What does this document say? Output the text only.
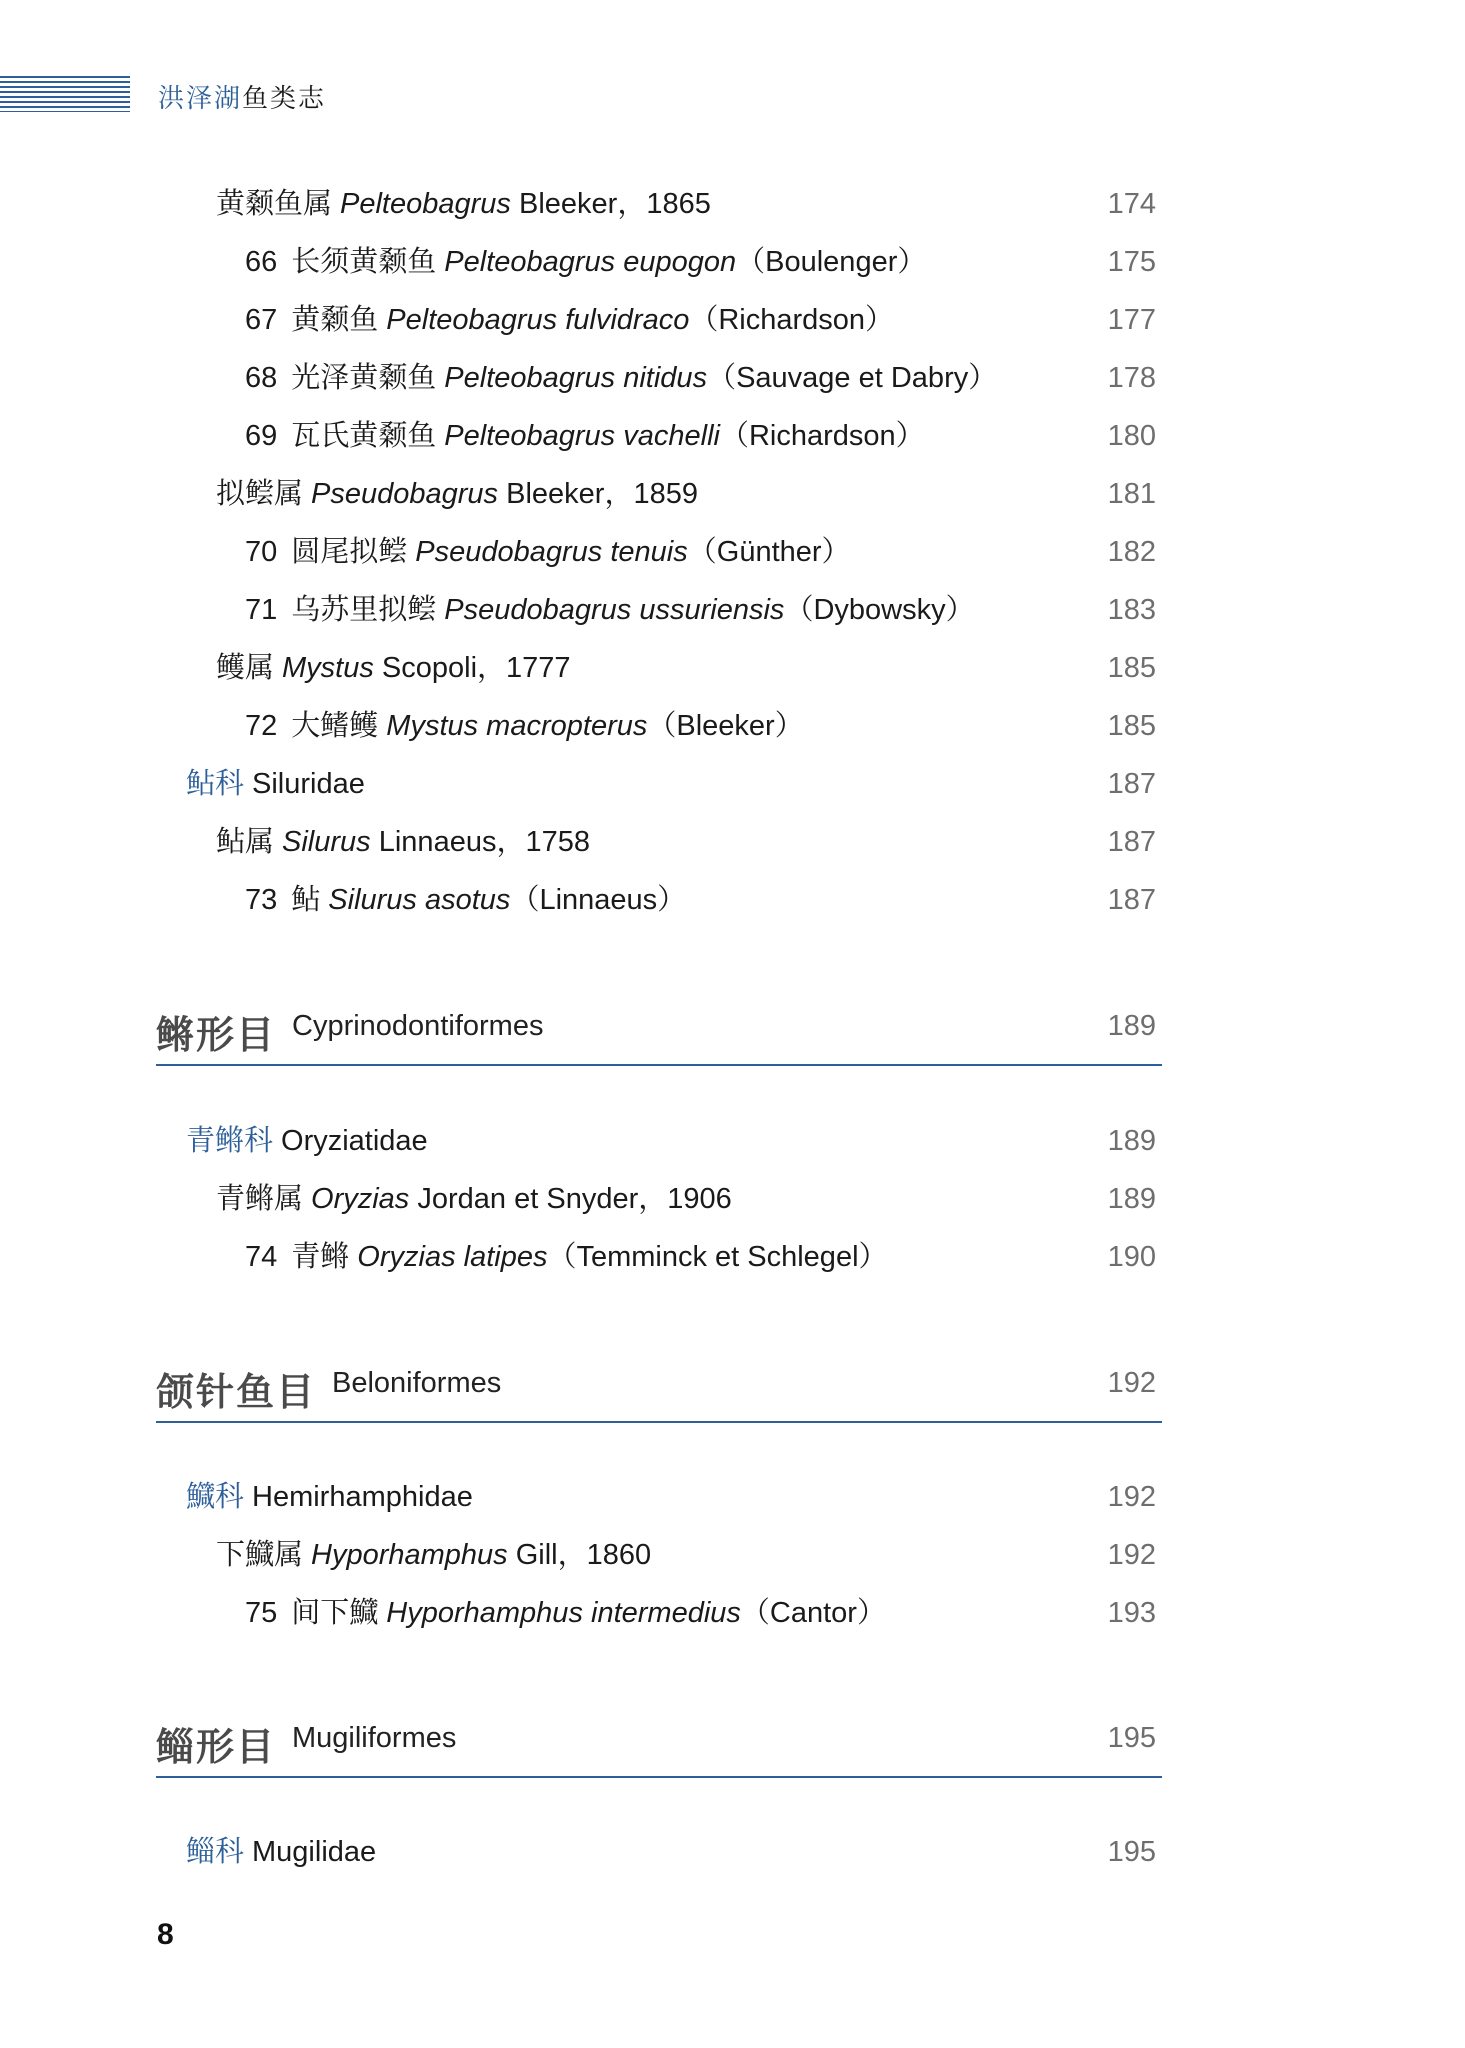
洪泽湖鱼类志
黄颡鱼属 Pelteobagrus Bleeker，1865	174
66 长须黄颡鱼 Pelteobagrus eupogon（Boulenger）	175
67 黄颡鱼 Pelteobagrus fulvidraco（Richardson）	177
68 光泽黄颡鱼 Pelteobagrus nitidus（Sauvage et Dabry）	178
69 瓦氏黄颡鱼 Pelteobagrus vachelli（Richardson）	180
拟鲿属 Pseudobagrus Bleeker，1859	181
70 圆尾拟鲿 Pseudobagrus tenuis（Günther）	182
71 乌苏里拟鲿 Pseudobagrus ussuriensis（Dybowsky）	183
鳠属 Mystus Scopoli，1777	185
72 大鳍鳠 Mystus macropterus（Bleeker）	185
鲇科 Siluridae	187
鲇属 Silurus Linnaeus，1758	187
73 鲇 Silurus asotus（Linnaeus）	187
鳉形目 Cyprinodontiformes	189
青鳉科 Oryziatidae	189
青鳉属 Oryzias Jordan et Snyder，1906	189
74 青鳉 Oryzias latipes（Temminck et Schlegel）	190
颌针鱼目 Beloniformes	192
鱵科 Hemirhamphidae	192
下鱵属 Hyporhamphus Gill，1860	192
75 间下鱵 Hyporhamphus intermedius（Cantor）	193
鲻形目 Mugiliformes	195
鲻科 Mugilidae	195
8
